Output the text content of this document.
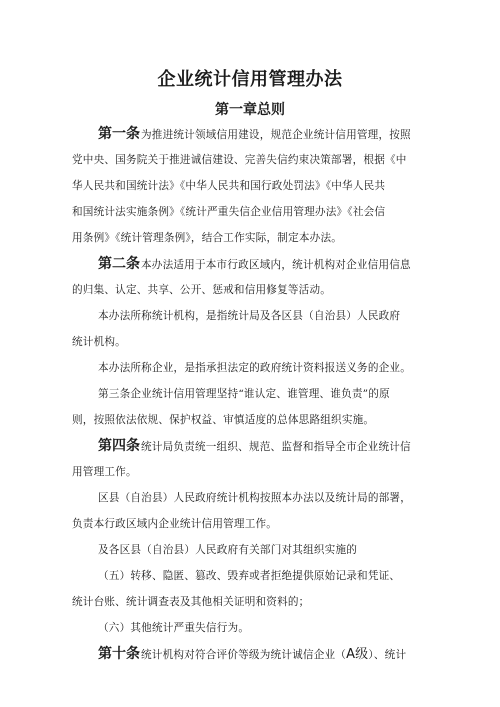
企业统计信用管理办法
第一章总则
第一条为推进统计领域信用建设，规范企业统计信用管理，按照
党中央、国务院关于推进诚信建设、完善失信约束决策部署，根据《中
华人民共和国统计法》《中华人民共和国行政处罚法》《中华人民共
和国统计法实施条例》《统计严重失信企业信用管理办法》《社会信
用条例》《统计管理条例》，结合工作实际，制定本办法。
第二条本办法适用于本市行政区域内，统计机构对企业信用信息
的归集、认定、共享、公开、惩戒和信用修复等活动。
本办法所称统计机构，是指统计局及各区县（自治县）人民政府
统计机构。
本办法所称企业，是指承担法定的政府统计资料报送义务的企业。
第三条企业统计信用管理坚持“谁认定、谁管理、谁负责”的原
则，按照依法依规、保护权益、审慎适度的总体思路组织实施。
第四条统计局负责统一组织、规范、监督和指导全市企业统计信
用管理工作。
区县（自治县）人民政府统计机构按照本办法以及统计局的部署，
负责本行政区域内企业统计信用管理工作。
及各区县（自治县）人民政府有关部门对其组织实施的
（五）转移、隐匿、篡改、毁弃或者拒绝提供原始记录和凭证、
统计台账、统计调查表及其他相关证明和资料的；
（六）其他统计严重失信行为。
第十条统计机构对符合评价等级为统计诚信企业（A级）、统计
